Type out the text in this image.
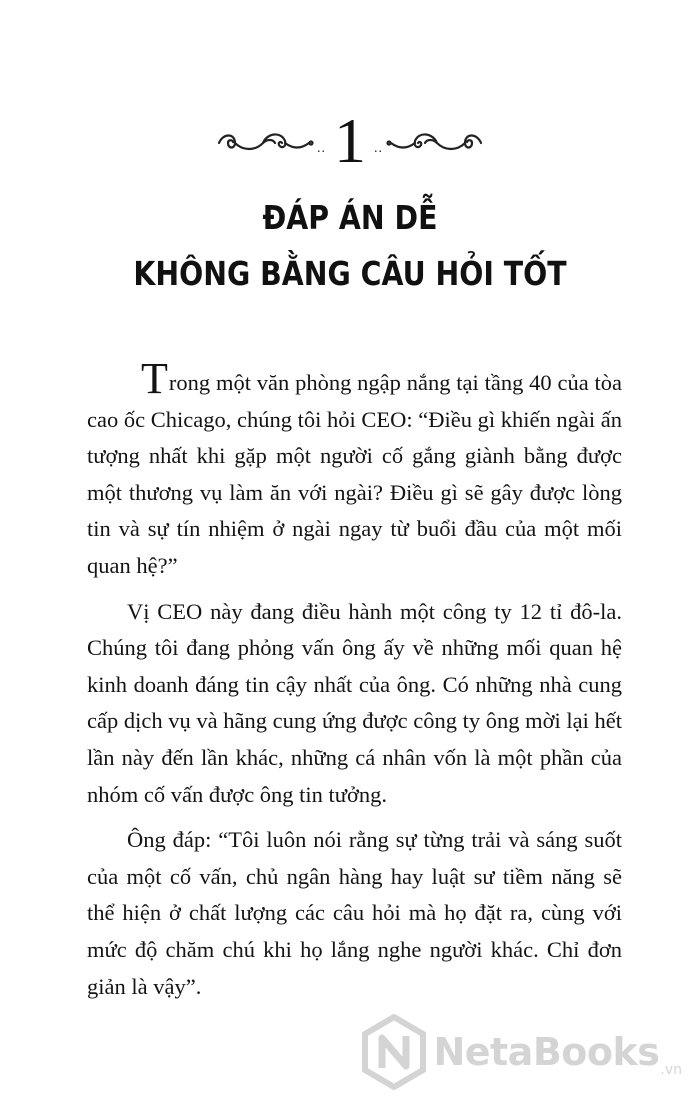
.. 1 ..
ĐÁP ÁN DỄ
KHÔNG BẰNG CÂU HỎI TỐT

Trong một văn phòng ngập nắng tại tầng 40 của tòa cao ốc Chicago, chúng tôi hỏi CEO: “Điều gì khiến ngài ấn tượng nhất khi gặp một người cố gắng giành bằng được một thương vụ làm ăn với ngài? Điều gì sẽ gây được lòng tin và sự tín nhiệm ở ngài ngay từ buổi đầu của một mối quan hệ?”

Vị CEO này đang điều hành một công ty 12 tỉ đô-la. Chúng tôi đang phỏng vấn ông ấy về những mối quan hệ kinh doanh đáng tin cậy nhất của ông. Có những nhà cung cấp dịch vụ và hãng cung ứng được công ty ông mời lại hết lần này đến lần khác, những cá nhân vốn là một phần của nhóm cố vấn được ông tin tưởng.

Ông đáp: “Tôi luôn nói rằng sự từng trải và sáng suốt của một cố vấn, chủ ngân hàng hay luật sư tiềm năng sẽ thể hiện ở chất lượng các câu hỏi mà họ đặt ra, cùng với mức độ chăm chú khi họ lắng nghe người khác. Chỉ đơn giản là vậy”.

NetaBooks .vn
